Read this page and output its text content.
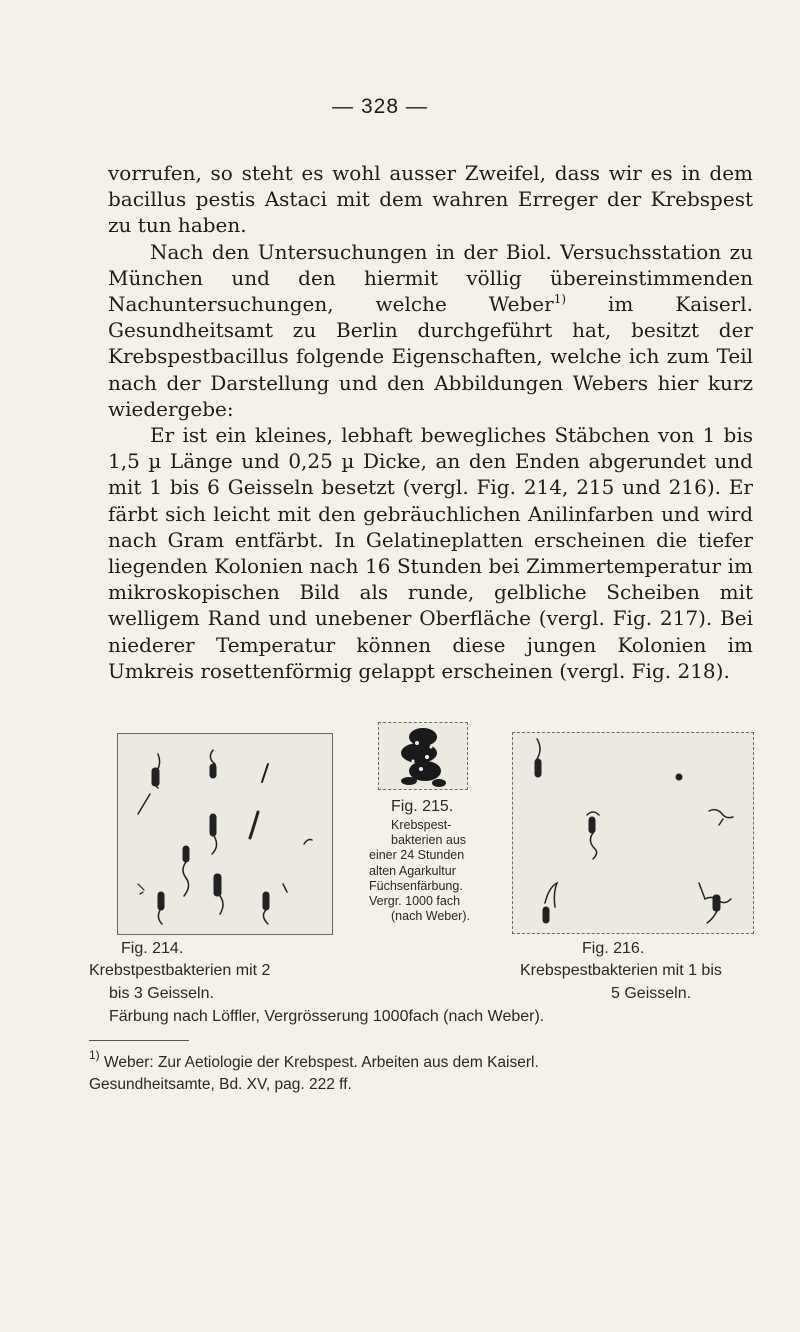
— 328 —

vorrufen, so steht es wohl ausser Zweifel, dass wir es in dem bacillus pestis Astaci mit dem wahren Erreger der Krebspest zu tun haben.

Nach den Untersuchungen in der Biol. Versuchsstation zu München und den hiermit völlig übereinstimmenden Nachuntersuchungen, welche Weber$^{1)}$ im Kaiserl. Gesundheitsamt zu Berlin durchgeführt hat, besitzt der Krebspestbacillus folgende Eigenschaften, welche ich zum Teil nach der Darstellung und den Abbildungen Webers hier kurz wiedergebe:

Er ist ein kleines, lebhaft bewegliches Stäbchen von 1 bis 1,5 µ Länge und 0,25 µ Dicke, an den Enden abgerundet und mit 1 bis 6 Geisseln besetzt (vergl. Fig. 214, 215 und 216). Er färbt sich leicht mit den gebräuchlichen Anilinfarben und wird nach Gram entfärbt. In Gelatineplatten erscheinen die tiefer liegenden Kolonien nach 16 Stunden bei Zimmertemperatur im mikroskopischen Bild als runde, gelbliche Scheiben mit welligem Rand und unebener Oberfläche (vergl. Fig. 217). Bei niederer Temperatur können diese jungen Kolonien im Umkreis rosettenförmig gelappt erscheinen (vergl. Fig. 218).

Fig. 214.
Fig. 215.
Krebspest-
bakterien aus
einer 24 Stunden
alten Agarkultur
Füchsenfärbung.
Vergr. 1000 fach
(nach Weber).
Fig. 216.
Krebstpestbakterien mit 2	Krebspestbakterien mit 1 bis
bis 3 Geisseln.	5 Geisseln.
Färbung nach Löffler, Vergrösserung 1000fach (nach Weber).
$^{1)}$ Weber: Zur Aetiologie der Krebspest. Arbeiten aus dem Kaiserl.
Gesundheitsamte, Bd. XV, pag. 222 ff.
